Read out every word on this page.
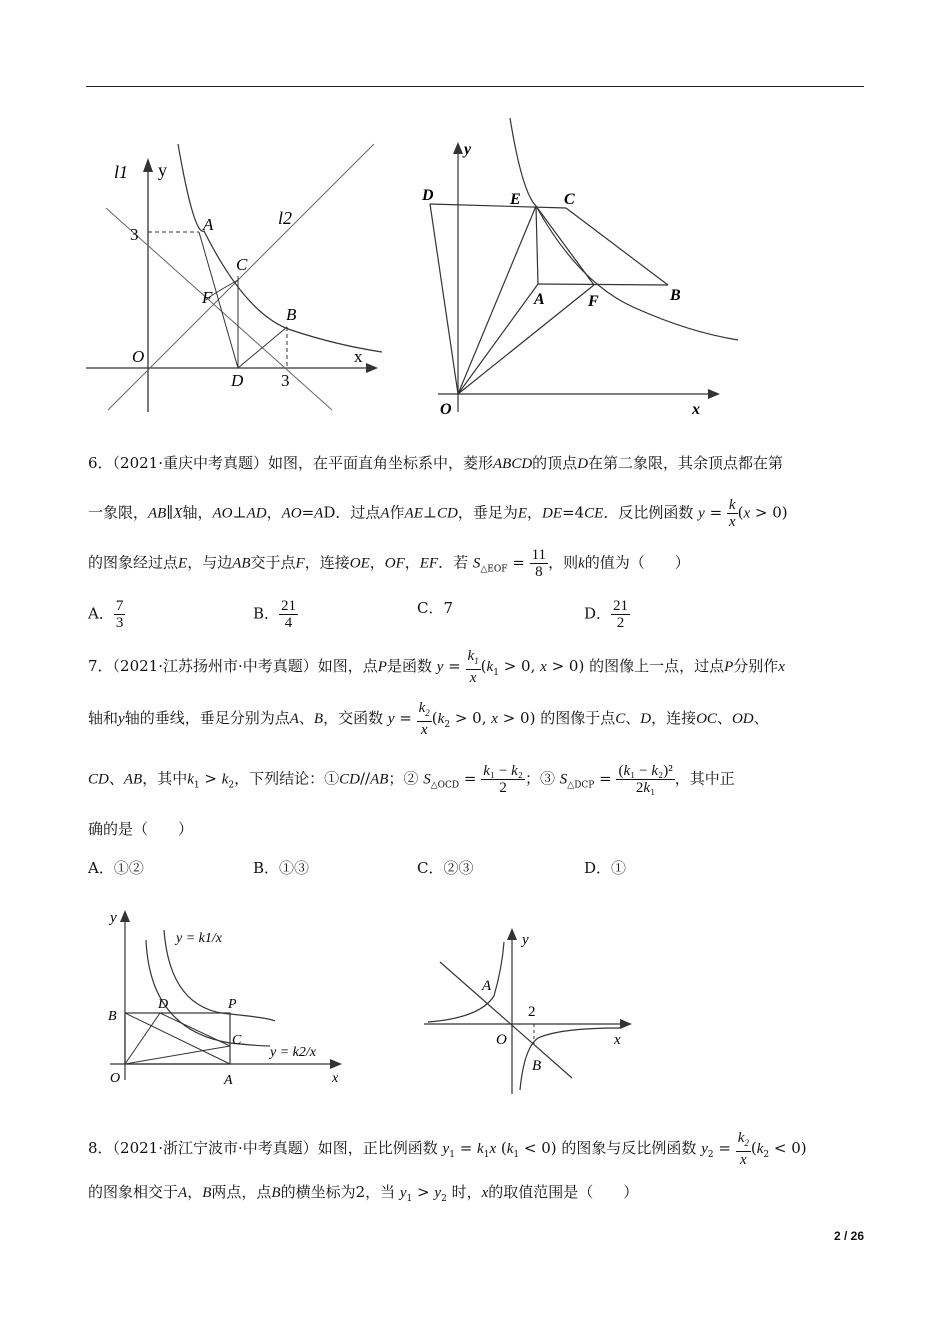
l1 y
l2
A
3
C
F
B
O
D 3
x
y
D	E	C
A	F	B
O	x
6．（2021·重庆中考真题）如图，在平面直角坐标系中，菱形ABCD的顶点D在第二象限，其余顶点都在第
一象限，AB∥X轴，AO⊥AD，AO=AD．过点A作AE⊥CD，垂足为E，DE=4CE．反比例函数 $y = \frac{k}{x} (x > 0)$
的图象经过点E，与边AB交于点F，连接OE，OF，EF．若 $S_{\triangle EOF} = \frac{11}{8}$ ，则k的值为（　　）
A． $\frac{7}{3}$	B． $\frac{21}{4}$	C．7	D． $\frac{21}{2}$
7．（2021·江苏扬州市·中考真题）如图，点P是函数 $y = \frac{k_1}{x} (k_1 > 0$, x > 0) 的图像上一点，过点P分别作x
轴和y轴的垂线，垂足分别为点A、B，交函数 $y = \frac{k_2}{x} (k_2 > 0$, x > 0) 的图像于点C、D，连接OC、OD、
CD、AB，其中$k_1 > k_2$，下列结论：①CD//AB；② $S_{\triangle OCD} = \frac{\text{k₁ − k₂}}{2}$ ；③ $S_{\triangle DCP} = \frac{\text{(k₁ − k₂)²}}{\text{2k₁}}$ ，其中正
确的是（　　）
A．①②	B．①③	C．②③	D．①
y
y = k1/x
B
D	P
C
y = k2/x
O	A	x
y
A
2
O	x
B
8．（2021·浙江宁波市·中考真题）如图，正比例函数 $y_1 = k_1x$ $(k_1 < 0)$ 的图象与反比例函数 $y_2 = \frac{k_2}{x} (k_2 < 0)$
的图象相交于A，B两点，点B的横坐标为2，当 $y_1 > y_2$ 时，x的取值范围是（　　）
2 / 26
